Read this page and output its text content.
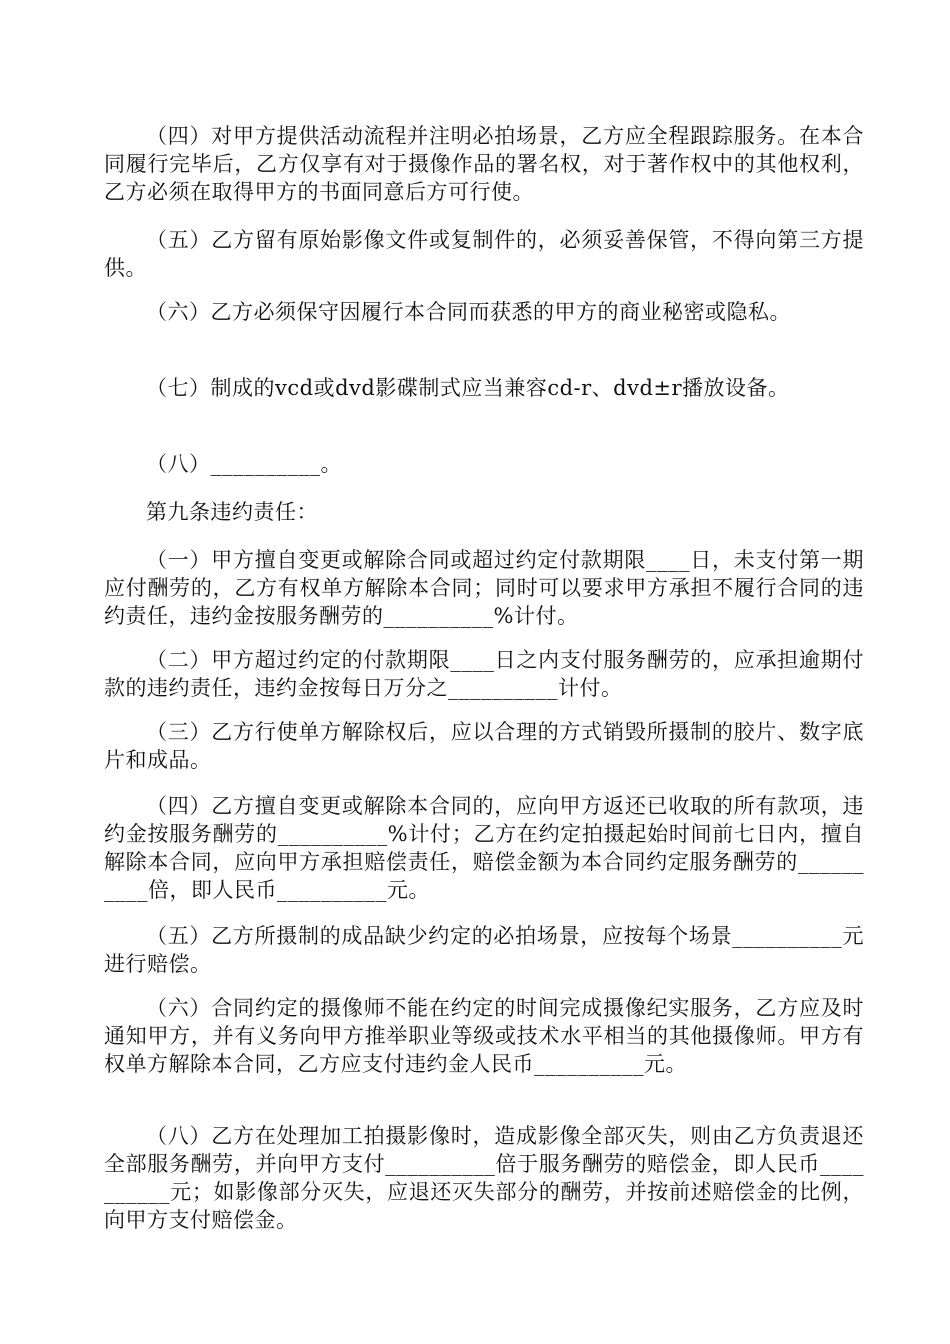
（四）对甲方提供活动流程并注明必拍场景，乙方应全程跟踪服务。在本合同履行完毕后，乙方仅享有对于摄像作品的署名权，对于著作权中的其他权利，乙方必须在取得甲方的书面同意后方可行使。

（五）乙方留有原始影像文件或复制件的，必须妥善保管，不得向第三方提供。

（六）乙方必须保守因履行本合同而获悉的甲方的商业秘密或隐私。

（七）制成的vcd或dvd影碟制式应当兼容cd-r、dvd±r播放设备。

（八）__________。

第九条违约责任：

（一）甲方擅自变更或解除合同或超过约定付款期限____日，未支付第一期应付酬劳的，乙方有权单方解除本合同；同时可以要求甲方承担不履行合同的违约责任，违约金按服务酬劳的__________%计付。

（二）甲方超过约定的付款期限____日之内支付服务酬劳的，应承担逾期付款的违约责任，违约金按每日万分之__________计付。

（三）乙方行使单方解除权后，应以合理的方式销毁所摄制的胶片、数字底片和成品。

（四）乙方擅自变更或解除本合同的，应向甲方返还已收取的所有款项，违约金按服务酬劳的__________%计付；乙方在约定拍摄起始时间前七日内，擅自解除本合同，应向甲方承担赔偿责任，赔偿金额为本合同约定服务酬劳的__________倍，即人民币__________元。

（五）乙方所摄制的成品缺少约定的必拍场景，应按每个场景__________元进行赔偿。

（六）合同约定的摄像师不能在约定的时间完成摄像纪实服务，乙方应及时通知甲方，并有义务向甲方推举职业等级或技术水平相当的其他摄像师。甲方有权单方解除本合同，乙方应支付违约金人民币__________元。

（八）乙方在处理加工拍摄影像时，造成影像全部灭失，则由乙方负责退还全部服务酬劳，并向甲方支付__________倍于服务酬劳的赔偿金，即人民币__________元；如影像部分灭失，应退还灭失部分的酬劳，并按前述赔偿金的比例，向甲方支付赔偿金。
